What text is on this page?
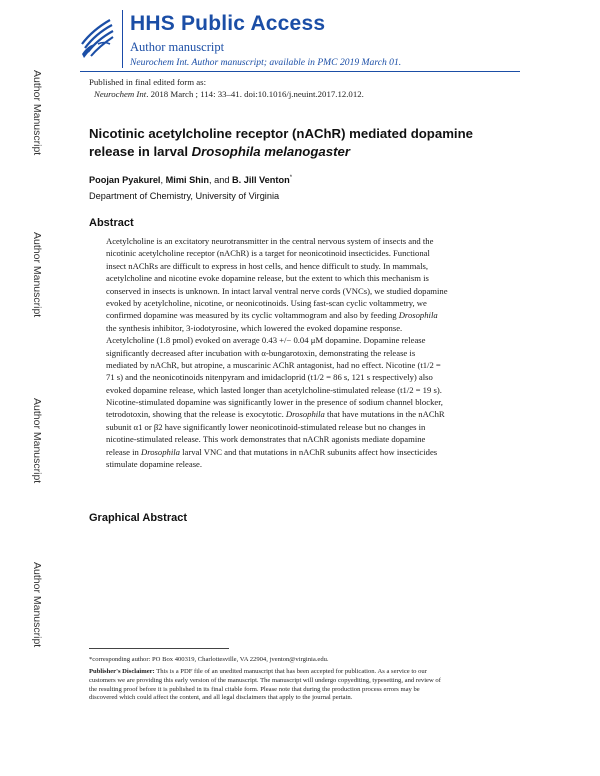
HHS Public Access
Author manuscript
Neurochem Int. Author manuscript; available in PMC 2019 March 01.
Author Manuscript
Author Manuscript
Author Manuscript
Author Manuscript
Published in final edited form as:
Neurochem Int. 2018 March ; 114: 33–41. doi:10.1016/j.neuint.2017.12.012.
Nicotinic acetylcholine receptor (nAChR) mediated dopamine release in larval Drosophila melanogaster
Poojan Pyakurel, Mimi Shin, and B. Jill Venton*
Department of Chemistry, University of Virginia
Abstract
Acetylcholine is an excitatory neurotransmitter in the central nervous system of insects and the
nicotinic acetylcholine receptor (nAChR) is a target for neonicotinoid insecticides. Functional
insect nAChRs are difficult to express in host cells, and hence difficult to study. In mammals,
acetylcholine and nicotine evoke dopamine release, but the extent to which this mechanism is
conserved in insects is unknown. In intact larval ventral nerve cords (VNCs), we studied dopamine
evoked by acetylcholine, nicotine, or neonicotinoids. Using fast-scan cyclic voltammetry, we
confirmed dopamine was measured by its cyclic voltammogram and also by feeding Drosophila
the synthesis inhibitor, 3-iodotyrosine, which lowered the evoked dopamine response.
Acetylcholine (1.8 pmol) evoked on average 0.43 +/− 0.04 μM dopamine. Dopamine release
significantly decreased after incubation with α-bungarotoxin, demonstrating the release is
mediated by nAChR, but atropine, a muscarinic AChR antagonist, had no effect. Nicotine (t1/2 =
71 s) and the neonicotinoids nitenpyram and imidacloprid (t1/2 = 86 s, 121 s respectively) also
evoked dopamine release, which lasted longer than acetylcholine-stimulated release (t1/2 = 19 s).
Nicotine-stimulated dopamine was significantly lower in the presence of sodium channel blocker,
tetrodotoxin, showing that the release is exocytotic. Drosophila that have mutations in the nAChR
subunit α1 or β2 have significantly lower neonicotinoid-stimulated release but no changes in
nicotine-stimulated release. This work demonstrates that nAChR agonists mediate dopamine
release in Drosophila larval VNC and that mutations in nAChR subunits affect how insecticides
stimulate dopamine release.
Graphical Abstract
*corresponding author: PO Box 400319, Charlottesville, VA 22904, jventon@virginia.edu.
Publisher's Disclaimer: This is a PDF file of an unedited manuscript that has been accepted for publication. As a service to our
customers we are providing this early version of the manuscript. The manuscript will undergo copyediting, typesetting, and review of
the resulting proof before it is published in its final citable form. Please note that during the production process errors may be
discovered which could affect the content, and all legal disclaimers that apply to the journal pertain.
